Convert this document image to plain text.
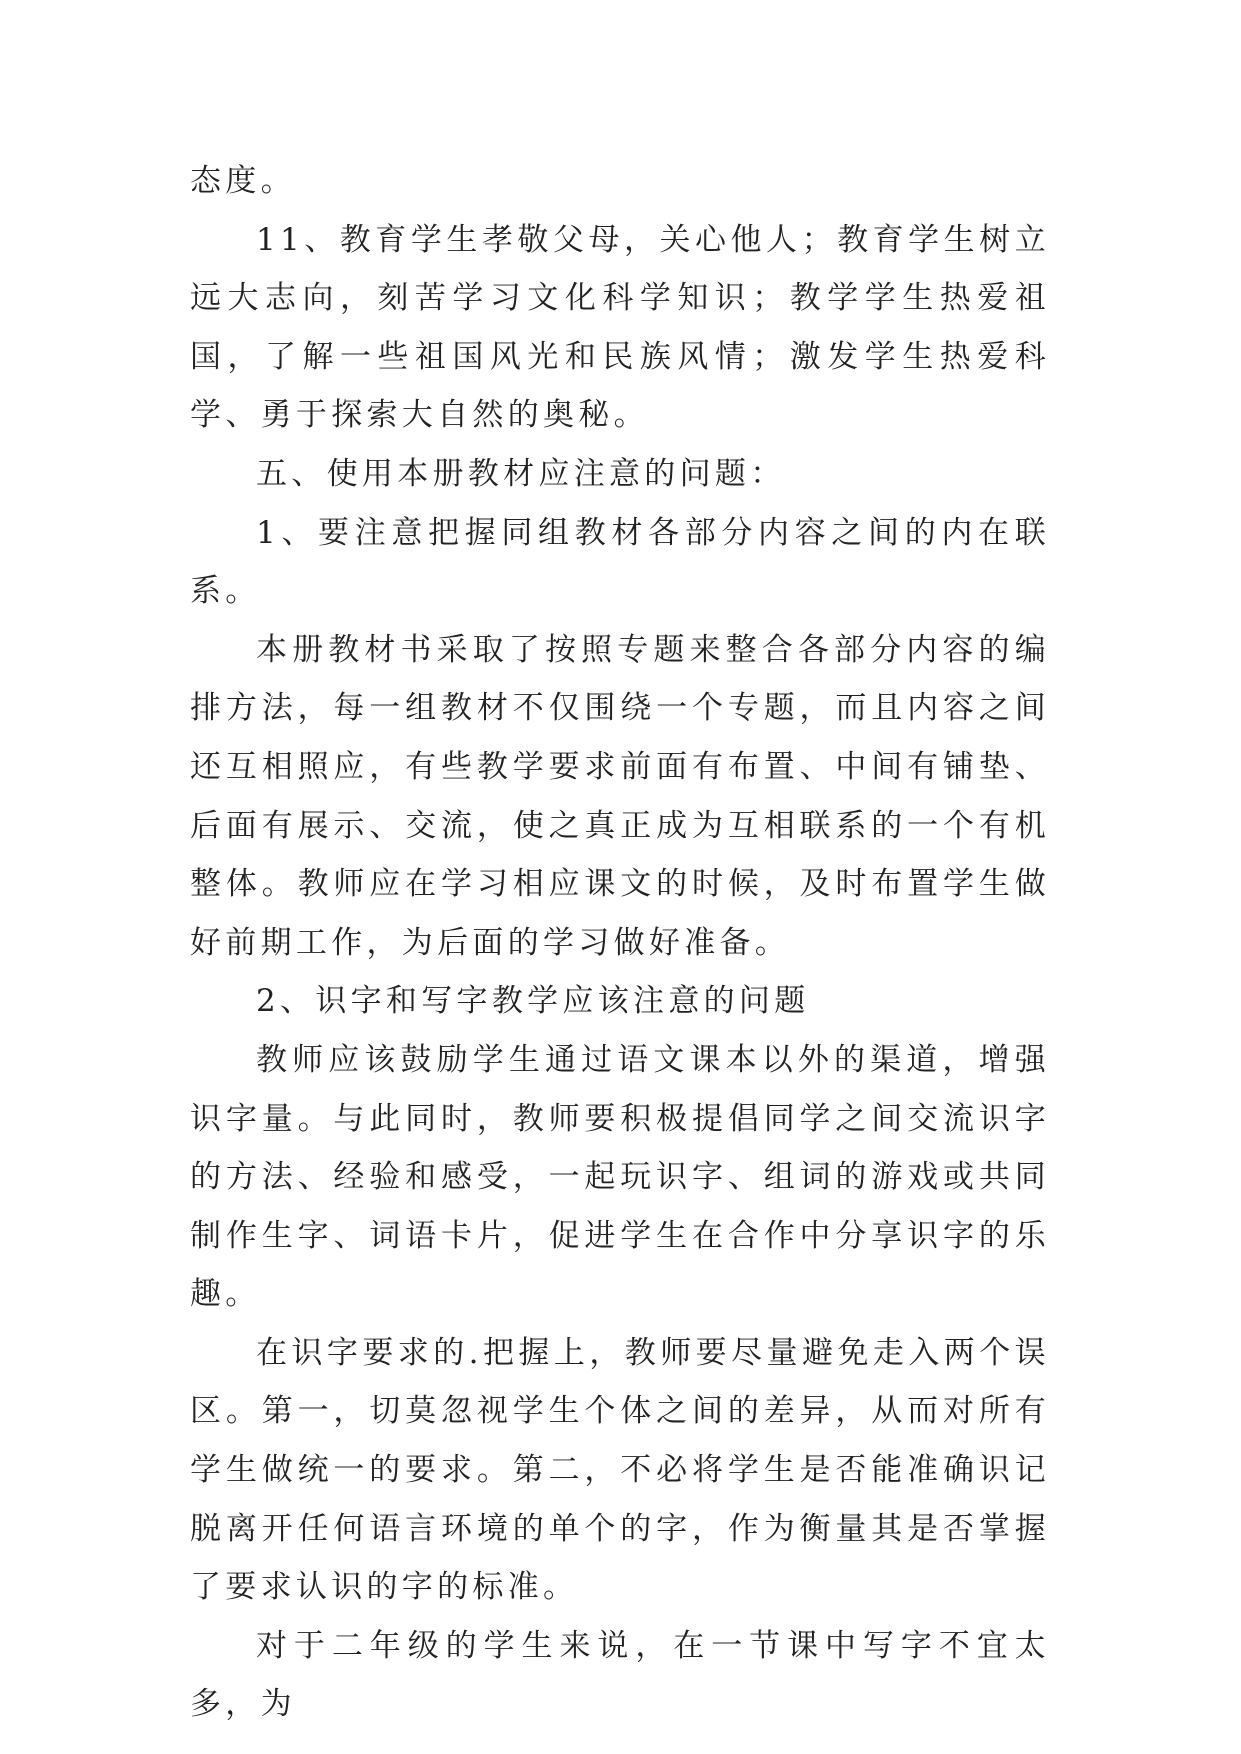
态度。

11、教育学生孝敬父母，关心他人；教育学生树立远大志向，刻苦学习文化科学知识；教学学生热爱祖国，了解一些祖国风光和民族风情；激发学生热爱科学、勇于探索大自然的奥秘。

五、使用本册教材应注意的问题：

1、要注意把握同组教材各部分内容之间的内在联系。

本册教材书采取了按照专题来整合各部分内容的编排方法，每一组教材不仅围绕一个专题，而且内容之间还互相照应，有些教学要求前面有布置、中间有铺垫、后面有展示、交流，使之真正成为互相联系的一个有机整体。教师应在学习相应课文的时候，及时布置学生做好前期工作，为后面的学习做好准备。

2、识字和写字教学应该注意的问题

教师应该鼓励学生通过语文课本以外的渠道，增强识字量。与此同时，教师要积极提倡同学之间交流识字的方法、经验和感受，一起玩识字、组词的游戏或共同制作生字、词语卡片，促进学生在合作中分享识字的乐趣。

在识字要求的.把握上，教师要尽量避免走入两个误区。第一，切莫忽视学生个体之间的差异，从而对所有学生做统一的要求。第二，不必将学生是否能准确识记脱离开任何语言环境的单个的字，作为衡量其是否掌握了要求认识的字的标准。

对于二年级的学生来说，在一节课中写字不宜太多，为
